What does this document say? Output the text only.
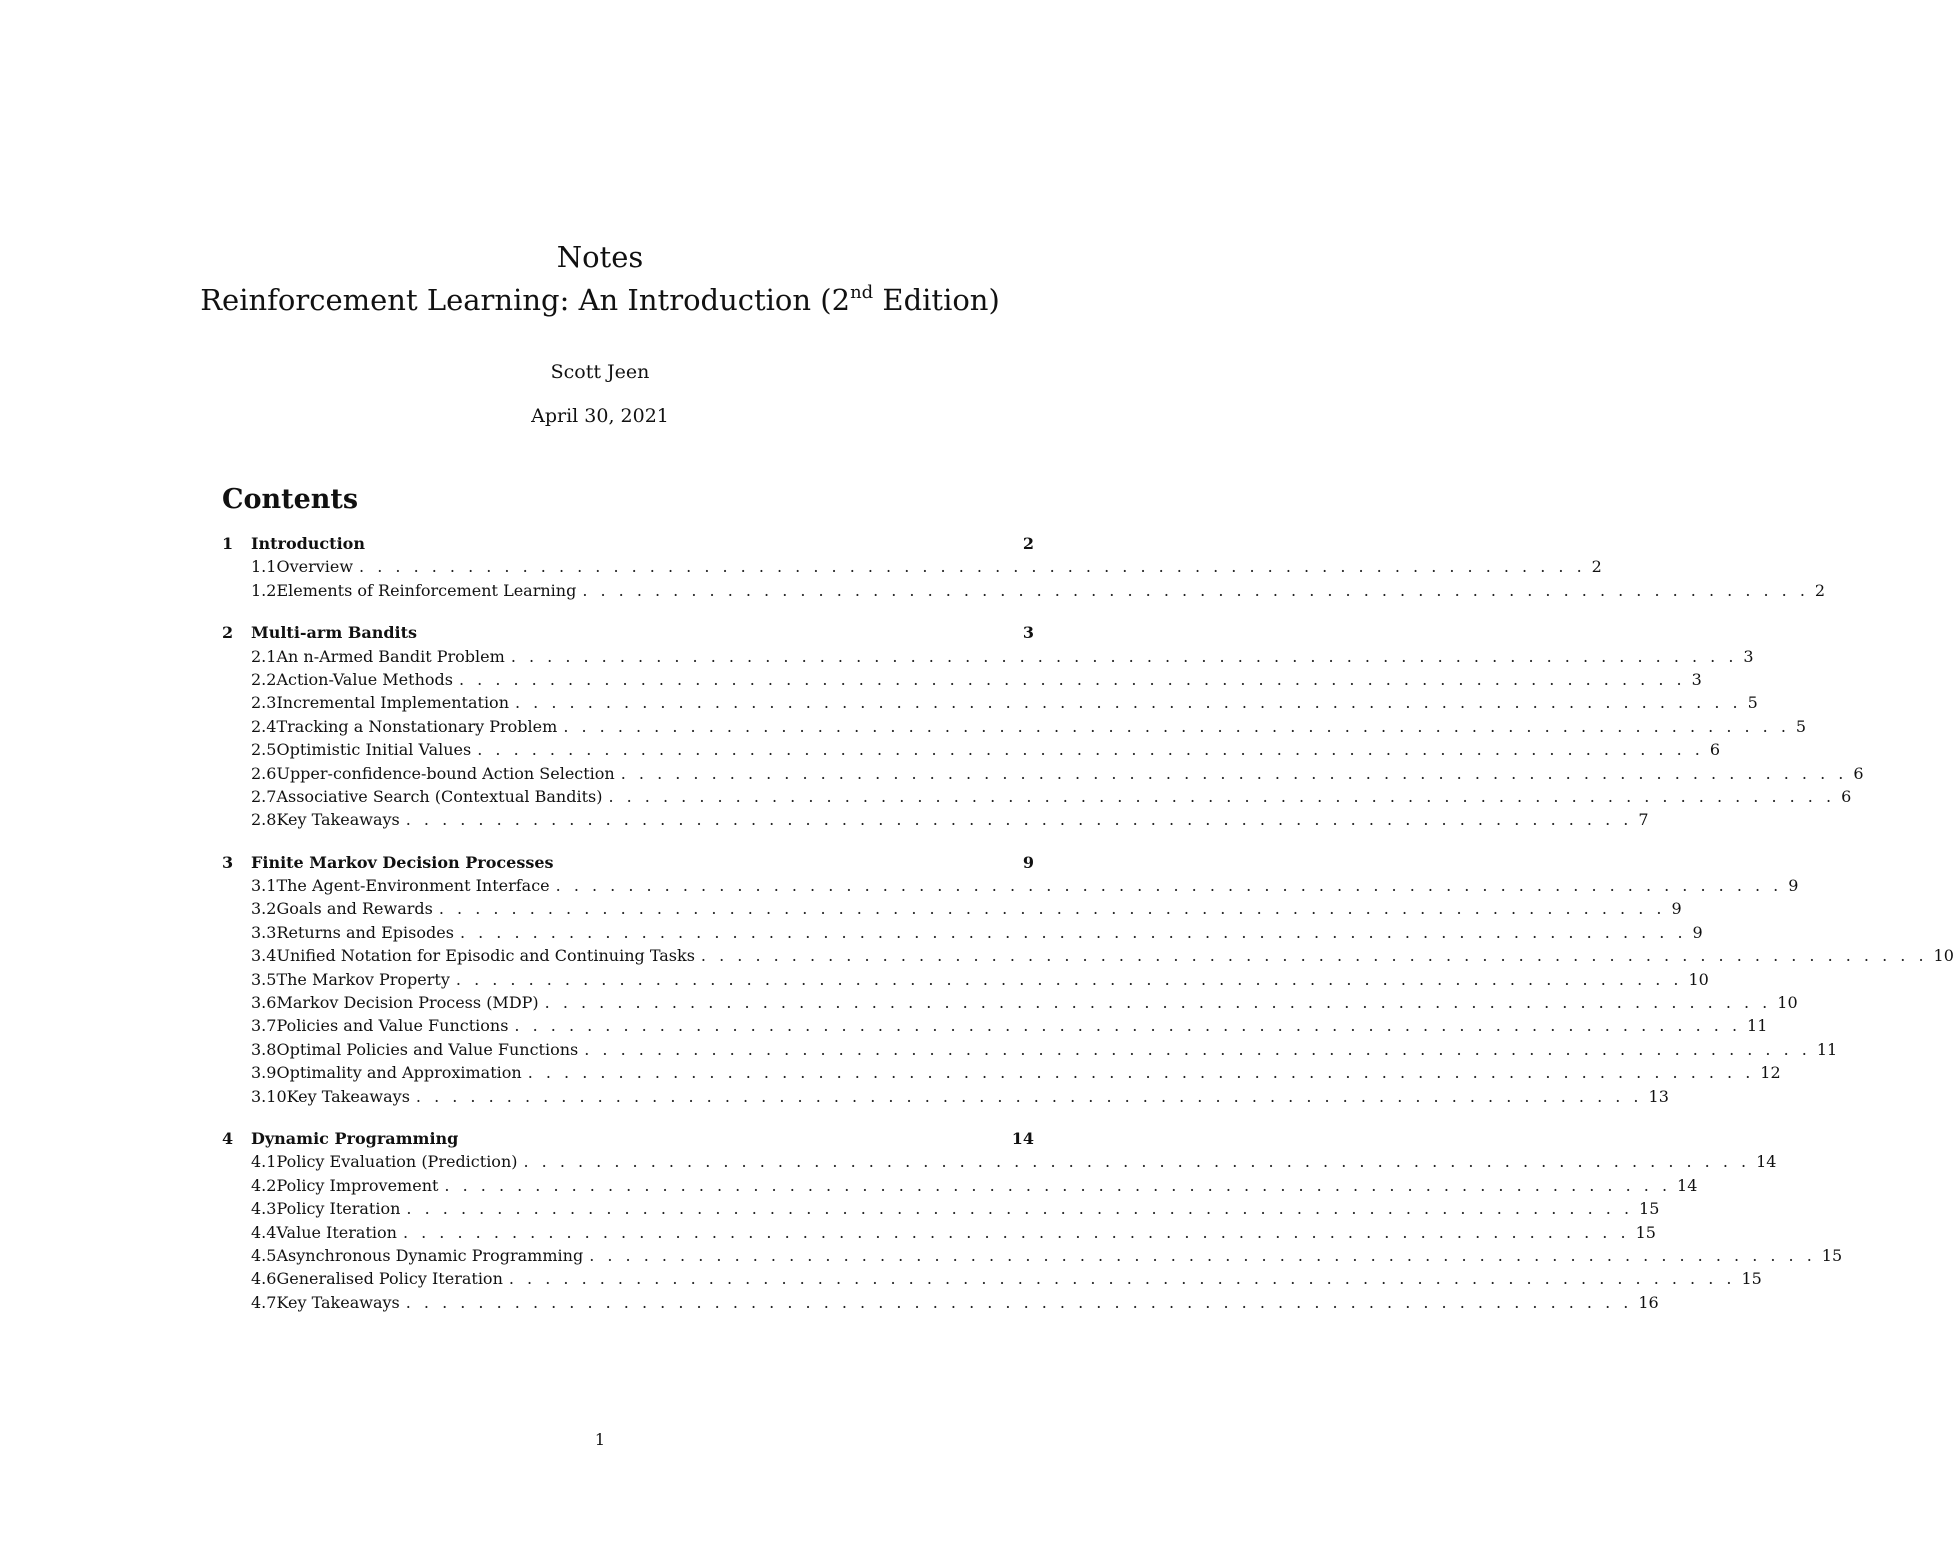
Notes
Reinforcement Learning: An Introduction (2nd Edition)
Scott Jeen
April 30, 2021
Contents
1	Introduction	2
1.1 Overview . . . . . . . . . . . . . . . . . . . . . . . . . . . . . . . . . . . . . . . . . . . . . . . . . . . . . . . . . . . . . . . . . . . . 2
1.2 Elements of Reinforcement Learning . . . . . . . . . . . . . . . . . . . . . . . . . . . . . . . . . . . . . . . . . . . . . . . . . . . . . . . . . . . . . . . . . . . . 2
2	Multi-arm Bandits	3
2.1 An n-Armed Bandit Problem . . . . . . . . . . . . . . . . . . . . . . . . . . . . . . . . . . . . . . . . . . . . . . . . . . . . . . . . . . . . . . . . . . . . 3
2.2 Action-Value Methods . . . . . . . . . . . . . . . . . . . . . . . . . . . . . . . . . . . . . . . . . . . . . . . . . . . . . . . . . . . . . . . . . . . . 3
2.3 Incremental Implementation . . . . . . . . . . . . . . . . . . . . . . . . . . . . . . . . . . . . . . . . . . . . . . . . . . . . . . . . . . . . . . . . . . . . 5
2.4 Tracking a Nonstationary Problem . . . . . . . . . . . . . . . . . . . . . . . . . . . . . . . . . . . . . . . . . . . . . . . . . . . . . . . . . . . . . . . . . . . . 5
2.5 Optimistic Initial Values . . . . . . . . . . . . . . . . . . . . . . . . . . . . . . . . . . . . . . . . . . . . . . . . . . . . . . . . . . . . . . . . . . . . 6
2.6 Upper-confidence-bound Action Selection . . . . . . . . . . . . . . . . . . . . . . . . . . . . . . . . . . . . . . . . . . . . . . . . . . . . . . . . . . . . . . . . . . . . 6
2.7 Associative Search (Contextual Bandits) . . . . . . . . . . . . . . . . . . . . . . . . . . . . . . . . . . . . . . . . . . . . . . . . . . . . . . . . . . . . . . . . . . . . 6
2.8 Key Takeaways . . . . . . . . . . . . . . . . . . . . . . . . . . . . . . . . . . . . . . . . . . . . . . . . . . . . . . . . . . . . . . . . . . . . 7
3	Finite Markov Decision Processes	9
3.1 The Agent-Environment Interface . . . . . . . . . . . . . . . . . . . . . . . . . . . . . . . . . . . . . . . . . . . . . . . . . . . . . . . . . . . . . . . . . . . . 9
3.2 Goals and Rewards . . . . . . . . . . . . . . . . . . . . . . . . . . . . . . . . . . . . . . . . . . . . . . . . . . . . . . . . . . . . . . . . . . . . 9
3.3 Returns and Episodes . . . . . . . . . . . . . . . . . . . . . . . . . . . . . . . . . . . . . . . . . . . . . . . . . . . . . . . . . . . . . . . . . . . . 9
3.4 Unified Notation for Episodic and Continuing Tasks . . . . . . . . . . . . . . . . . . . . . . . . . . . . . . . . . . . . . . . . . . . . . . . . . . . . . . . . . . . . . . . . . . . . 10
3.5 The Markov Property . . . . . . . . . . . . . . . . . . . . . . . . . . . . . . . . . . . . . . . . . . . . . . . . . . . . . . . . . . . . . . . . . . . . 10
3.6 Markov Decision Process (MDP) . . . . . . . . . . . . . . . . . . . . . . . . . . . . . . . . . . . . . . . . . . . . . . . . . . . . . . . . . . . . . . . . . . . . 10
3.7 Policies and Value Functions . . . . . . . . . . . . . . . . . . . . . . . . . . . . . . . . . . . . . . . . . . . . . . . . . . . . . . . . . . . . . . . . . . . . 11
3.8 Optimal Policies and Value Functions . . . . . . . . . . . . . . . . . . . . . . . . . . . . . . . . . . . . . . . . . . . . . . . . . . . . . . . . . . . . . . . . . . . . 11
3.9 Optimality and Approximation . . . . . . . . . . . . . . . . . . . . . . . . . . . . . . . . . . . . . . . . . . . . . . . . . . . . . . . . . . . . . . . . . . . . 12
3.10 Key Takeaways . . . . . . . . . . . . . . . . . . . . . . . . . . . . . . . . . . . . . . . . . . . . . . . . . . . . . . . . . . . . . . . . . . . . 13
4	Dynamic Programming	14
4.1 Policy Evaluation (Prediction) . . . . . . . . . . . . . . . . . . . . . . . . . . . . . . . . . . . . . . . . . . . . . . . . . . . . . . . . . . . . . . . . . . . . 14
4.2 Policy Improvement . . . . . . . . . . . . . . . . . . . . . . . . . . . . . . . . . . . . . . . . . . . . . . . . . . . . . . . . . . . . . . . . . . . . 14
4.3 Policy Iteration . . . . . . . . . . . . . . . . . . . . . . . . . . . . . . . . . . . . . . . . . . . . . . . . . . . . . . . . . . . . . . . . . . . . 15
4.4 Value Iteration . . . . . . . . . . . . . . . . . . . . . . . . . . . . . . . . . . . . . . . . . . . . . . . . . . . . . . . . . . . . . . . . . . . . 15
4.5 Asynchronous Dynamic Programming . . . . . . . . . . . . . . . . . . . . . . . . . . . . . . . . . . . . . . . . . . . . . . . . . . . . . . . . . . . . . . . . . . . . 15
4.6 Generalised Policy Iteration . . . . . . . . . . . . . . . . . . . . . . . . . . . . . . . . . . . . . . . . . . . . . . . . . . . . . . . . . . . . . . . . . . . . 15
4.7 Key Takeaways . . . . . . . . . . . . . . . . . . . . . . . . . . . . . . . . . . . . . . . . . . . . . . . . . . . . . . . . . . . . . . . . . . . . 16
1
